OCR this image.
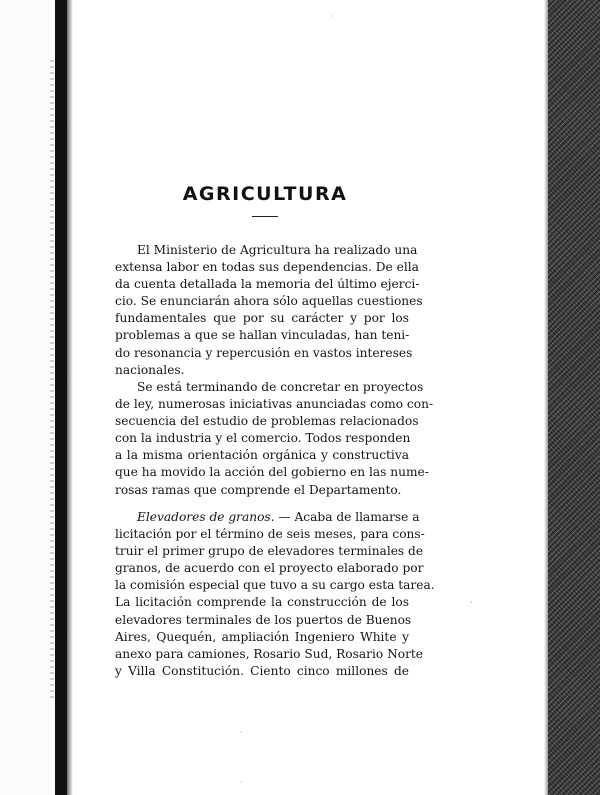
AGRICULTURA
El Ministerio de Agricultura ha realizado una
extensa labor en todas sus dependencias. De ella
da cuenta detallada la memoria del último ejerci-
cio. Se enunciarán ahora sólo aquellas cuestiones
fundamentales que por su carácter y por los
problemas a que se hallan vinculadas, han teni-
do resonancia y repercusión en vastos intereses
nacionales.
Se está terminando de concretar en proyectos
de ley, numerosas iniciativas anunciadas como con-
secuencia del estudio de problemas relacionados
con la industria y el comercio. Todos responden
a la misma orientación orgánica y constructiva
que ha movido la acción del gobierno en las nume-
rosas ramas que comprende el Departamento.
Elevadores de granos. — Acaba de llamarse a
licitación por el término de seis meses, para cons-
truir el primer grupo de elevadores terminales de
granos, de acuerdo con el proyecto elaborado por
la comisión especial que tuvo a su cargo esta tarea.
La licitación comprende la construcción de los
elevadores terminales de los puertos de Buenos
Aires, Quequén, ampliación Ingeniero White y
anexo para camiones, Rosario Sud, Rosario Norte
y Villa Constitución. Ciento cinco millones de
·
·
·
·
